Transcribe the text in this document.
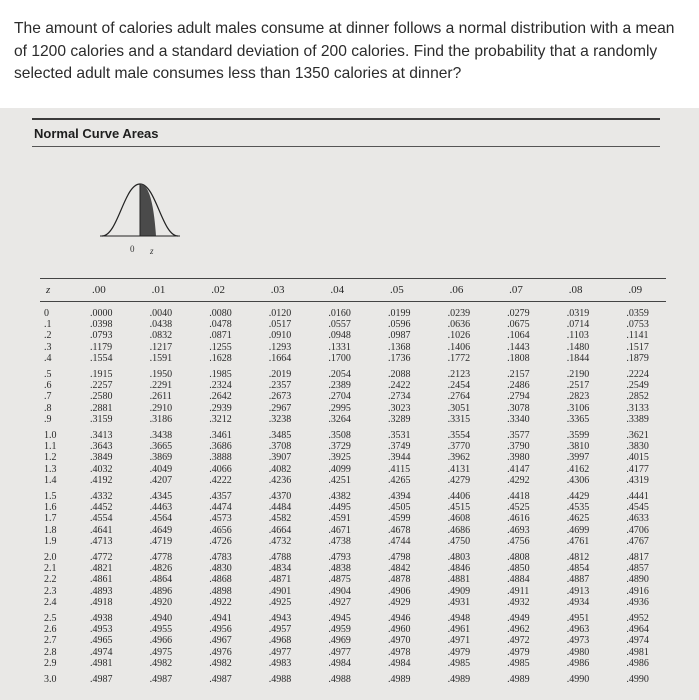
The amount of calories adult males consume at dinner follows a normal distribution with a mean of 1200 calories and a standard deviation of 200 calories. Find the probability that a randomly selected adult male consumes less than 1350 calories at dinner?

Normal Curve Areas
0 z
z	.00	.01	.02	.03	.04	.05	.06	.07	.08	.09
0	.0000	.0040	.0080	.0120	.0160	.0199	.0239	.0279	.0319	.0359
.1	.0398	.0438	.0478	.0517	.0557	.0596	.0636	.0675	.0714	.0753
.2	.0793	.0832	.0871	.0910	.0948	.0987	.1026	.1064	.1103	.1141
.3	.1179	.1217	.1255	.1293	.1331	.1368	.1406	.1443	.1480	.1517
.4	.1554	.1591	.1628	.1664	.1700	.1736	.1772	.1808	.1844	.1879
.5	.1915	.1950	.1985	.2019	.2054	.2088	.2123	.2157	.2190	.2224
.6	.2257	.2291	.2324	.2357	.2389	.2422	.2454	.2486	.2517	.2549
.7	.2580	.2611	.2642	.2673	.2704	.2734	.2764	.2794	.2823	.2852
.8	.2881	.2910	.2939	.2967	.2995	.3023	.3051	.3078	.3106	.3133
.9	.3159	.3186	.3212	.3238	.3264	.3289	.3315	.3340	.3365	.3389
1.0	.3413	.3438	.3461	.3485	.3508	.3531	.3554	.3577	.3599	.3621
1.1	.3643	.3665	.3686	.3708	.3729	.3749	.3770	.3790	.3810	.3830
1.2	.3849	.3869	.3888	.3907	.3925	.3944	.3962	.3980	.3997	.4015
1.3	.4032	.4049	.4066	.4082	.4099	.4115	.4131	.4147	.4162	.4177
1.4	.4192	.4207	.4222	.4236	.4251	.4265	.4279	.4292	.4306	.4319
1.5	.4332	.4345	.4357	.4370	.4382	.4394	.4406	.4418	.4429	.4441
1.6	.4452	.4463	.4474	.4484	.4495	.4505	.4515	.4525	.4535	.4545
1.7	.4554	.4564	.4573	.4582	.4591	.4599	.4608	.4616	.4625	.4633
1.8	.4641	.4649	.4656	.4664	.4671	.4678	.4686	.4693	.4699	.4706
1.9	.4713	.4719	.4726	.4732	.4738	.4744	.4750	.4756	.4761	.4767
2.0	.4772	.4778	.4783	.4788	.4793	.4798	.4803	.4808	.4812	.4817
2.1	.4821	.4826	.4830	.4834	.4838	.4842	.4846	.4850	.4854	.4857
2.2	.4861	.4864	.4868	.4871	.4875	.4878	.4881	.4884	.4887	.4890
2.3	.4893	.4896	.4898	.4901	.4904	.4906	.4909	.4911	.4913	.4916
2.4	.4918	.4920	.4922	.4925	.4927	.4929	.4931	.4932	.4934	.4936
2.5	.4938	.4940	.4941	.4943	.4945	.4946	.4948	.4949	.4951	.4952
2.6	.4953	.4955	.4956	.4957	.4959	.4960	.4961	.4962	.4963	.4964
2.7	.4965	.4966	.4967	.4968	.4969	.4970	.4971	.4972	.4973	.4974
2.8	.4974	.4975	.4976	.4977	.4977	.4978	.4979	.4979	.4980	.4981
2.9	.4981	.4982	.4982	.4983	.4984	.4984	.4985	.4985	.4986	.4986
3.0	.4987	.4987	.4987	.4988	.4988	.4989	.4989	.4989	.4990	.4990
